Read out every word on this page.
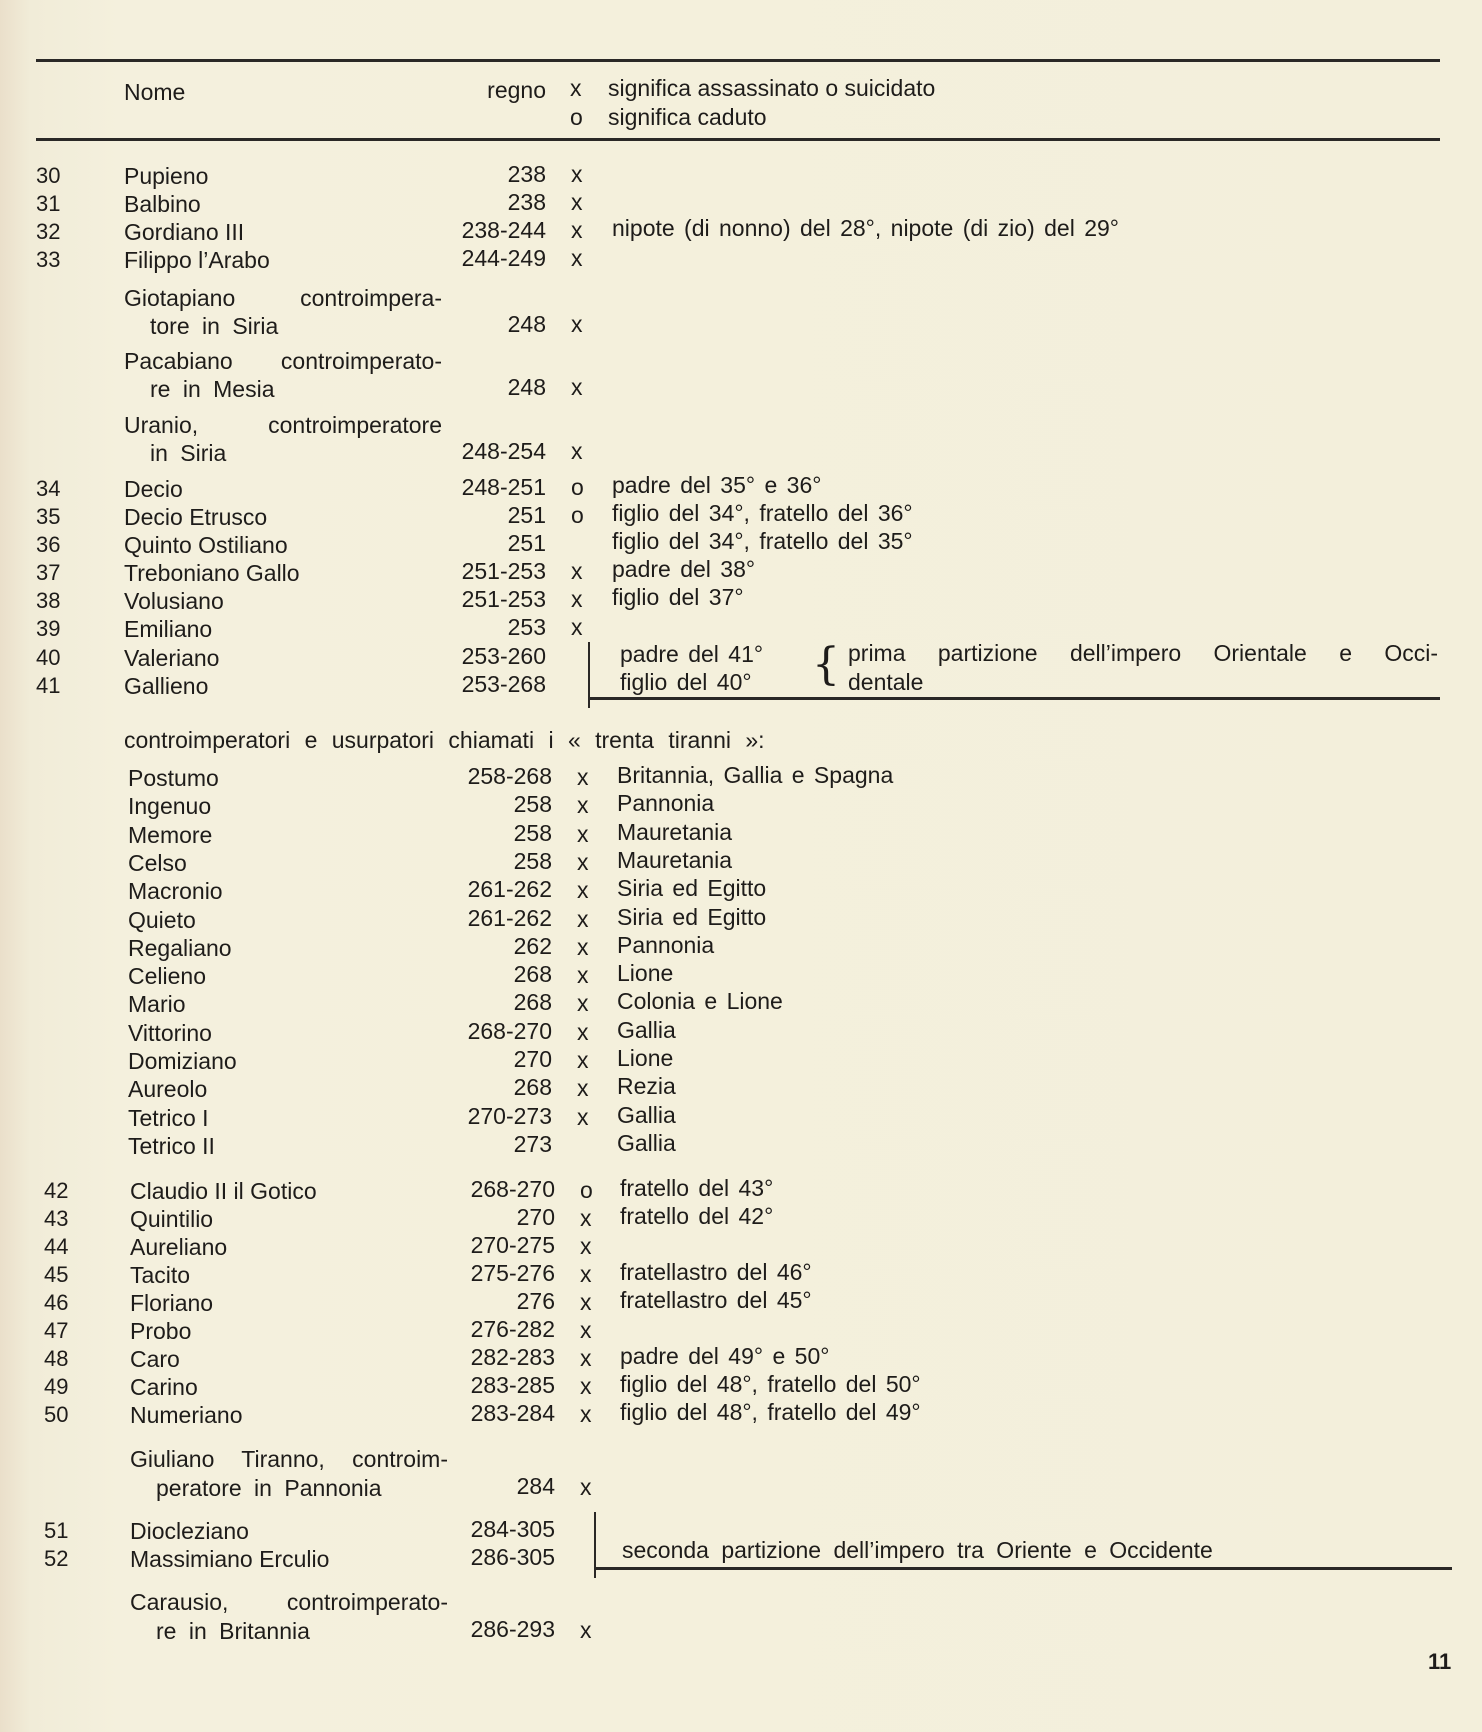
Nome	regno x significa assassinato o suicidato
o significa caduto
30	Pupieno	238 x
31	Balbino	238 x
32	Gordiano III	238-244 x nipote (di nonno) del 28°, nipote (di zio) del 29°
33	Filippo l’Arabo	244-249 x
Giotapiano controimpera-
tore in Siria	248 x
Pacabiano controimperato-
re in Mesia	248 x
Uranio, controimperatore
in Siria	248-254 x
34	Decio	248-251 o padre del 35° e 36°
35	Decio Etrusco	251 o figlio del 34°, fratello del 36°
36	Quinto Ostiliano	251	figlio del 34°, fratello del 35°
37	Treboniano Gallo	251-253 x padre del 38°
38	Volusiano	251-253 x figlio del 37°
39	Emiliano	253 x
40	Valeriano	253-260	padre del 41°
41	Gallieno	253-268	figlio del 40° { prima partizione dell’impero Orientale e Occi-
dentale
controimperatori e usurpatori chiamati i « trenta tiranni »:
Postumo	258-268 x Britannia, Gallia e Spagna
Ingenuo	258 x Pannonia
Memore	258 x Mauretania
Celso	258 x Mauretania
Macronio	261-262 x Siria ed Egitto
Quieto	261-262 x Siria ed Egitto
Regaliano	262 x Pannonia
Celieno	268 x Lione
Mario	268 x Colonia e Lione
Vittorino	268-270 x Gallia
Domiziano	270 x Lione
Aureolo	268 x Rezia
Tetrico I	270-273 x Gallia
Tetrico II	273	Gallia
42	Claudio II il Gotico	268-270 o fratello del 43°
43	Quintilio	270 x fratello del 42°
44	Aureliano	270-275 x
45	Tacito	275-276 x fratellastro del 46°
46	Floriano	276 x fratellastro del 45°
47	Probo	276-282 x
48	Caro	282-283 x padre del 49° e 50°
49	Carino	283-285 x figlio del 48°, fratello del 50°
50	Numeriano	283-284 x figlio del 48°, fratello del 49°
Giuliano Tiranno, controim-
peratore in Pannonia	284 x
51	Diocleziano	284-305
52	Massimiano Erculio	286-305
Carausio, controimperato-
re in Britannia	286-293 x
seconda partizione dell’impero tra Oriente e Occidente
11
